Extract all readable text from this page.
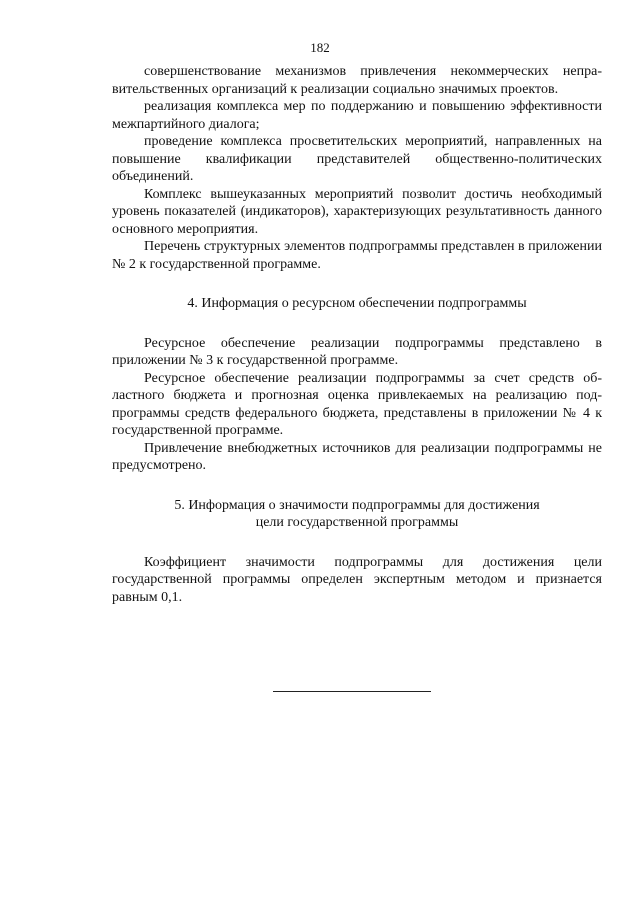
182

совершенствование механизмов привлечения некоммерческих неправительственных организаций к реализации социально значимых проектов.

реализация комплекса мер по поддержанию и повышению эффективности межпартийного диалога;

проведение комплекса просветительских мероприятий, направленных на повышение квалификации представителей общественно-политических объединений.

Комплекс вышеуказанных мероприятий позволит достичь необходимый уровень показателей (индикаторов), характеризующих результативность данного основного мероприятия.

Перечень структурных элементов подпрограммы представлен в приложении № 2 к государственной программе.

4. Информация о ресурсном обеспечении подпрограммы

Ресурсное обеспечение реализации подпрограммы представлено в приложении № 3 к государственной программе.

Ресурсное обеспечение реализации подпрограммы за счет средств областного бюджета и прогнозная оценка привлекаемых на реализацию подпрограммы средств федерального бюджета, представлены в приложении № 4 к государственной программе.

Привлечение внебюджетных источников для реализации подпрограммы не предусмотрено.

5. Информация о значимости подпрограммы для достижения
цели государственной программы

Коэффициент значимости подпрограммы для достижения цели государственной программы определен экспертным методом и признается равным 0,1.
